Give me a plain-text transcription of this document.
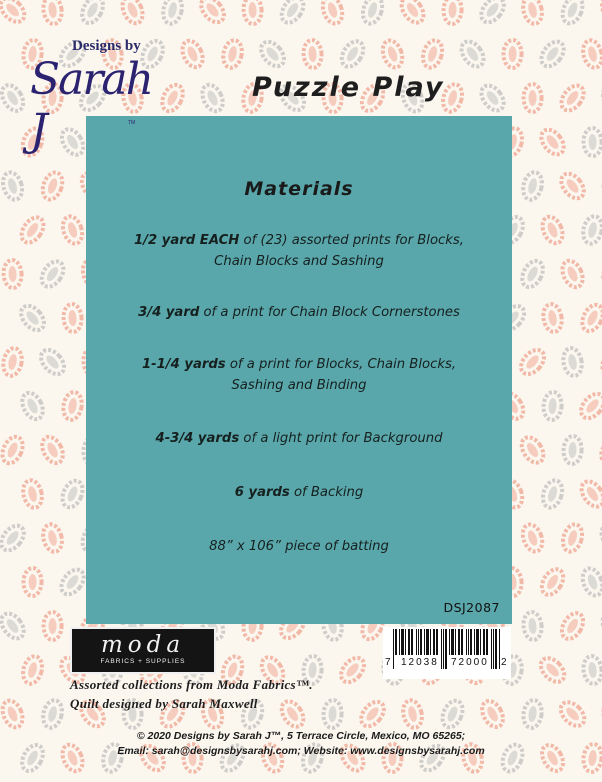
Designs by
Sarah J	TM
Puzzle Play
Materials
1/2 yard EACH of (23) assorted prints for Blocks,
Chain Blocks and Sashing
3/4 yard of a print for Chain Block Cornerstones
1-1/4 yards of a print for Blocks, Chain Blocks,
Sashing and Binding
4-3/4 yards of a light print for Background
6 yards of Backing
88” x 106” piece of batting
DSJ2087
moda
FABRICS + SUPPLIES	7 12038 72000 2
Assorted collections from Moda Fabrics™.
Quilt designed by Sarah Maxwell
© 2020 Designs by Sarah J™, 5 Terrace Circle, Mexico, MO 65265;
Email: sarah@designsbysarahj.com; Website: www.designsbysarahj.com
